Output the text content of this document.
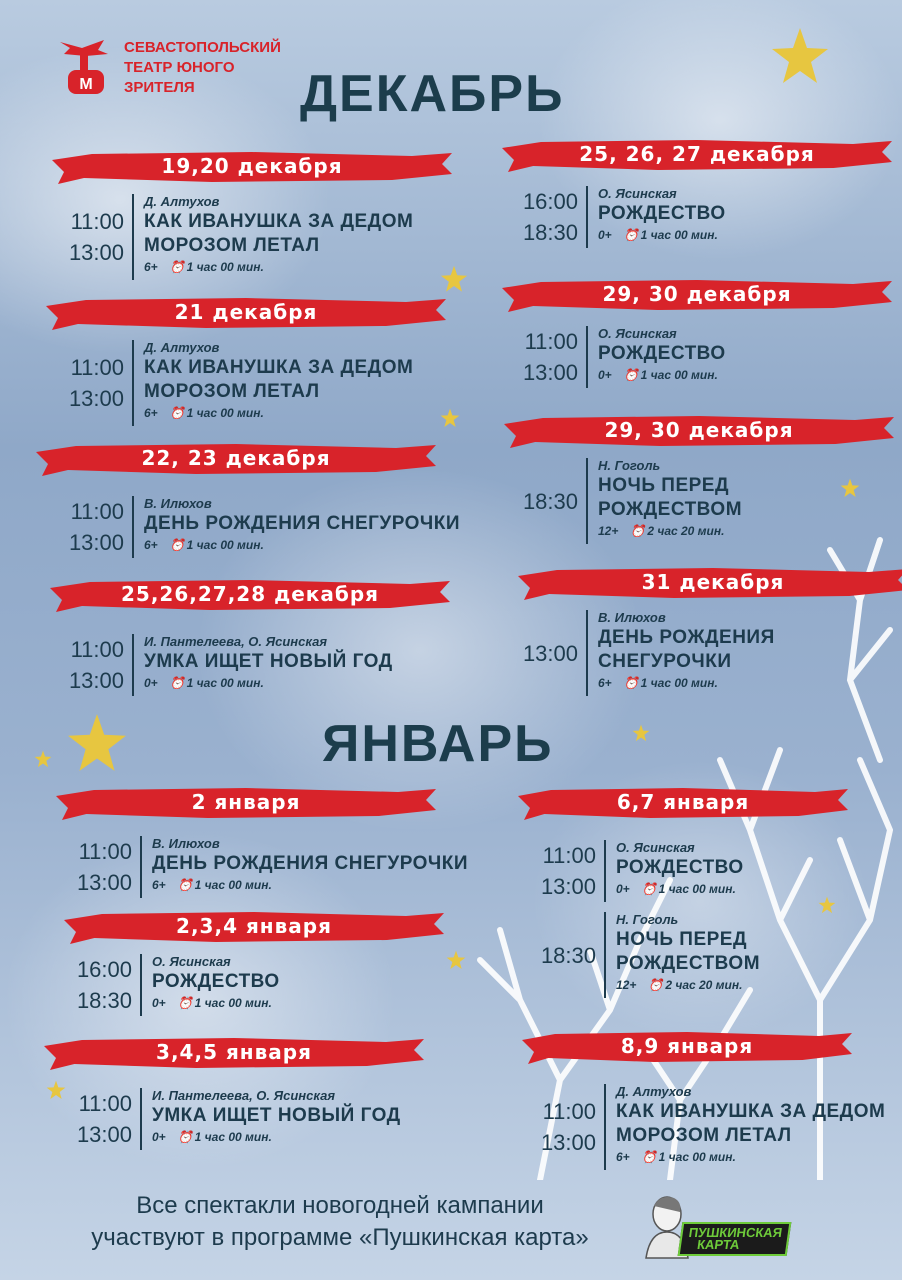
М
СЕВАСТОПОЛЬСКИЙ
ТЕАТР ЮНОГО
ЗРИТЕЛЯ	ДЕКАБРЬ
ЯНВАРЬ
19,20 декабря
11:00
13:00
Д. Алтухов
КАК ИВАНУШКА ЗА ДЕДОМ
МОРОЗОМ ЛЕТАЛ
6+ ⏰ 1 час 00 мин.
21 декабря
11:00
13:00
Д. Алтухов
КАК ИВАНУШКА ЗА ДЕДОМ
МОРОЗОМ ЛЕТАЛ
6+ ⏰ 1 час 00 мин.
22, 23 декабря
11:00
13:00
В. Илюхов
ДЕНЬ РОЖДЕНИЯ СНЕГУРОЧКИ
6+ ⏰ 1 час 00 мин.
25,26,27,28 декабря
11:00
13:00
И. Пантелеева, О. Ясинская
УМКА ИЩЕТ НОВЫЙ ГОД
0+ ⏰ 1 час 00 мин.
25, 26, 27 декабря
16:00
18:30
О. Ясинская
РОЖДЕСТВО
0+ ⏰ 1 час 00 мин.
29, 30 декабря
11:00
13:00
О. Ясинская
РОЖДЕСТВО
0+ ⏰ 1 час 00 мин.
29, 30 декабря
18:30
Н. Гоголь
НОЧЬ ПЕРЕД
РОЖДЕСТВОМ
12+ ⏰ 2 час 20 мин.
31 декабря
13:00
В. Илюхов
ДЕНЬ РОЖДЕНИЯ
СНЕГУРОЧКИ
6+ ⏰ 1 час 00 мин.
2 января
11:00
13:00
В. Илюхов
ДЕНЬ РОЖДЕНИЯ СНЕГУРОЧКИ
6+ ⏰ 1 час 00 мин.
2,3,4 января
16:00
18:30
О. Ясинская
РОЖДЕСТВО
0+ ⏰ 1 час 00 мин.
3,4,5 января
11:00
13:00
И. Пантелеева, О. Ясинская
УМКА ИЩЕТ НОВЫЙ ГОД
0+ ⏰ 1 час 00 мин.
6,7 января
11:00
13:00
О. Ясинская
РОЖДЕСТВО
0+ ⏰ 1 час 00 мин.
18:30
Н. Гоголь
НОЧЬ ПЕРЕД
РОЖДЕСТВОМ
12+ ⏰ 2 час 20 мин.
8,9 января
11:00
13:00
Д. Алтухов
КАК ИВАНУШКА ЗА ДЕДОМ
МОРОЗОМ ЛЕТАЛ
6+ ⏰ 1 час 00 мин.
Все спектакли новогодней кампании
участвуют в программе «Пушкинская карта»	ПУШКИНСКАЯ
КАРТА
